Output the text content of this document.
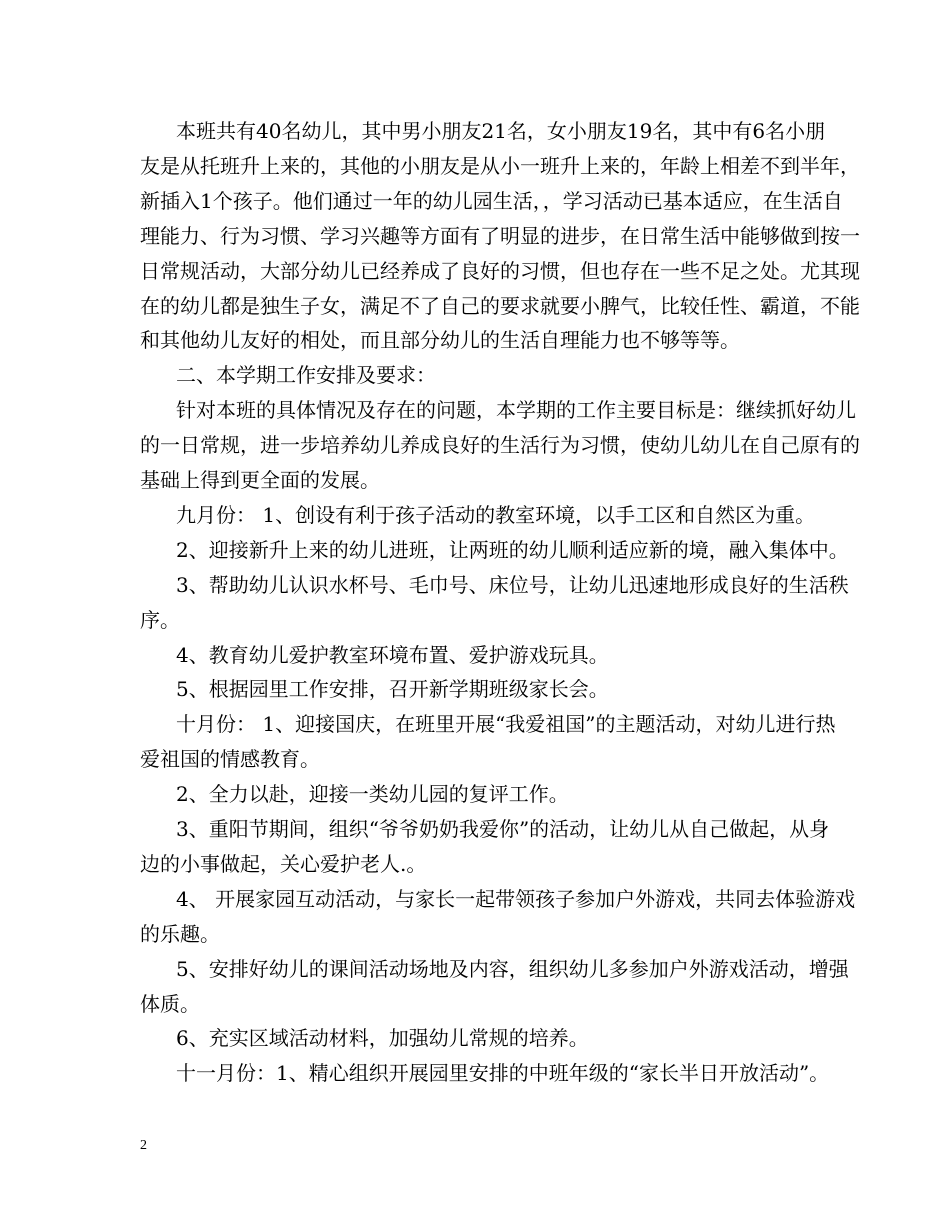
本班共有40名幼儿，其中男小朋友21名，女小朋友19名，其中有6名小朋
友是从托班升上来的，其他的小朋友是从小一班升上来的，年龄上相差不到半年，
新插入1个孩子。他们通过一年的幼儿园生活，，学习活动已基本适应，在生活自
理能力、行为习惯、学习兴趣等方面有了明显的进步，在日常生活中能够做到按一
日常规活动，大部分幼儿已经养成了良好的习惯，但也存在一些不足之处。尤其现
在的幼儿都是独生子女，满足不了自己的要求就要小脾气，比较任性、霸道，不能
和其他幼儿友好的相处，而且部分幼儿的生活自理能力也不够等等。
二、本学期工作安排及要求：
针对本班的具体情况及存在的问题，本学期的工作主要目标是：继续抓好幼儿
的一日常规，进一步培养幼儿养成良好的生活行为习惯，使幼儿幼儿在自己原有的
基础上得到更全面的发展。
九月份： 1、创设有利于孩子活动的教室环境，以手工区和自然区为重。
2、迎接新升上来的幼儿进班，让两班的幼儿顺利适应新的境，融入集体中。
3、帮助幼儿认识水杯号、毛巾号、床位号，让幼儿迅速地形成良好的生活秩
序。
4、教育幼儿爱护教室环境布置、爱护游戏玩具。
5、根据园里工作安排，召开新学期班级家长会。
十月份： 1、迎接国庆，在班里开展“我爱祖国”的主题活动，对幼儿进行热
爱祖国的情感教育。
2、全力以赴，迎接一类幼儿园的复评工作。
3、重阳节期间，组织“爷爷奶奶我爱你”的活动，让幼儿从自己做起，从身
边的小事做起，关心爱护老人.。
4、 开展家园互动活动，与家长一起带领孩子参加户外游戏，共同去体验游戏
的乐趣。
5、安排好幼儿的课间活动场地及内容，组织幼儿多参加户外游戏活动，增强
体质。
6、充实区域活动材料，加强幼儿常规的培养。
十一月份：1、精心组织开展园里安排的中班年级的“家长半日开放活动”。
2
